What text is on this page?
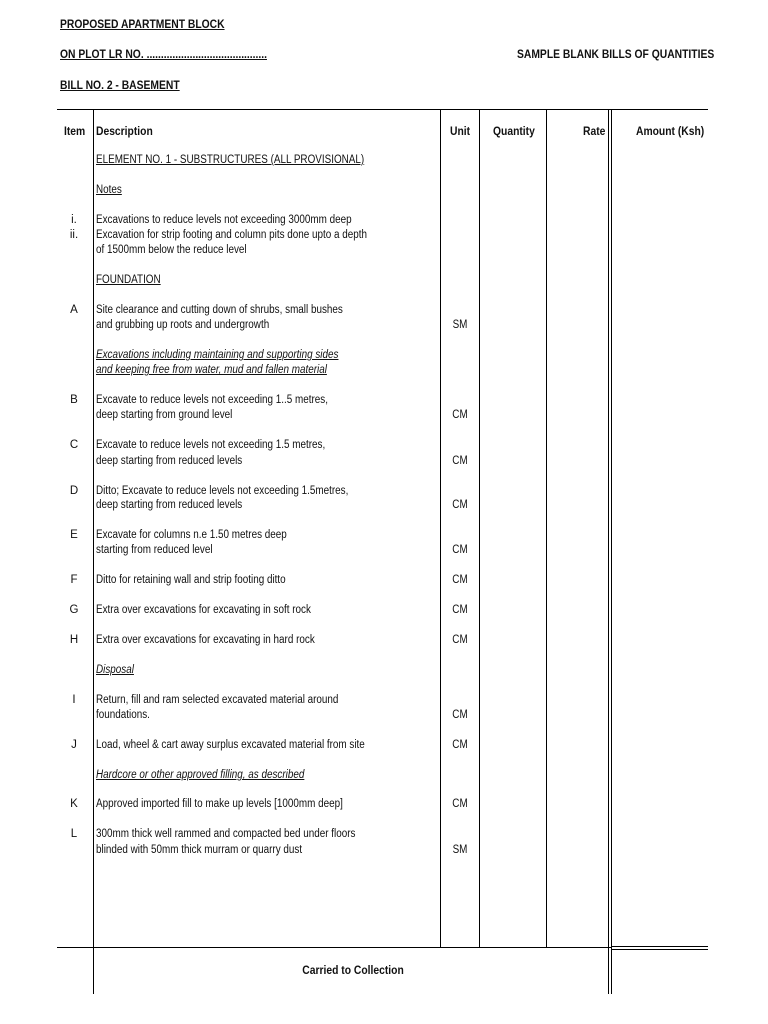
PROPOSED APARTMENT BLOCK
ON PLOT LR NO. ..........................................	SAMPLE BLANK BILLS OF QUANTITIES
BILL NO. 2 - BASEMENT
Item Description	Unit Quantity	Rate	Amount (Ksh)
ELEMENT NO. 1 - SUBSTRUCTURES (ALL PROVISIONAL)
Notes
i.	Excavations to reduce levels not exceeding 3000mm deep
ii.	Excavation for strip footing and column pits done upto a depth
of 1500mm below the reduce level
FOUNDATION
A	Site clearance and cutting down of shrubs, small bushes
and grubbing up roots and undergrowth	SM
Excavations including maintaining and supporting sides
and keeping free from water, mud and fallen material
B	Excavate to reduce levels not exceeding 1..5 metres,
deep starting from ground level	CM
C	Excavate to reduce levels not exceeding 1.5 metres,
deep starting from reduced levels	CM
D	Ditto; Excavate to reduce levels not exceeding 1.5metres,
deep starting from reduced levels	CM
E	Excavate for columns n.e 1.50 metres deep
starting from reduced level	CM
F	Ditto for retaining wall and strip footing ditto	CM
G	Extra over excavations for excavating in soft rock	CM
H	Extra over excavations for excavating in hard rock	CM
Disposal
I	Return, fill and ram selected excavated material around
foundations.	CM
J	Load, wheel & cart away surplus excavated material from site	CM
Hardcore or other approved filling, as described
K	Approved imported fill to make up levels [1000mm deep]	CM
L	300mm thick well rammed and compacted bed under floors
blinded with 50mm thick murram or quarry dust	SM
Carried to Collection
